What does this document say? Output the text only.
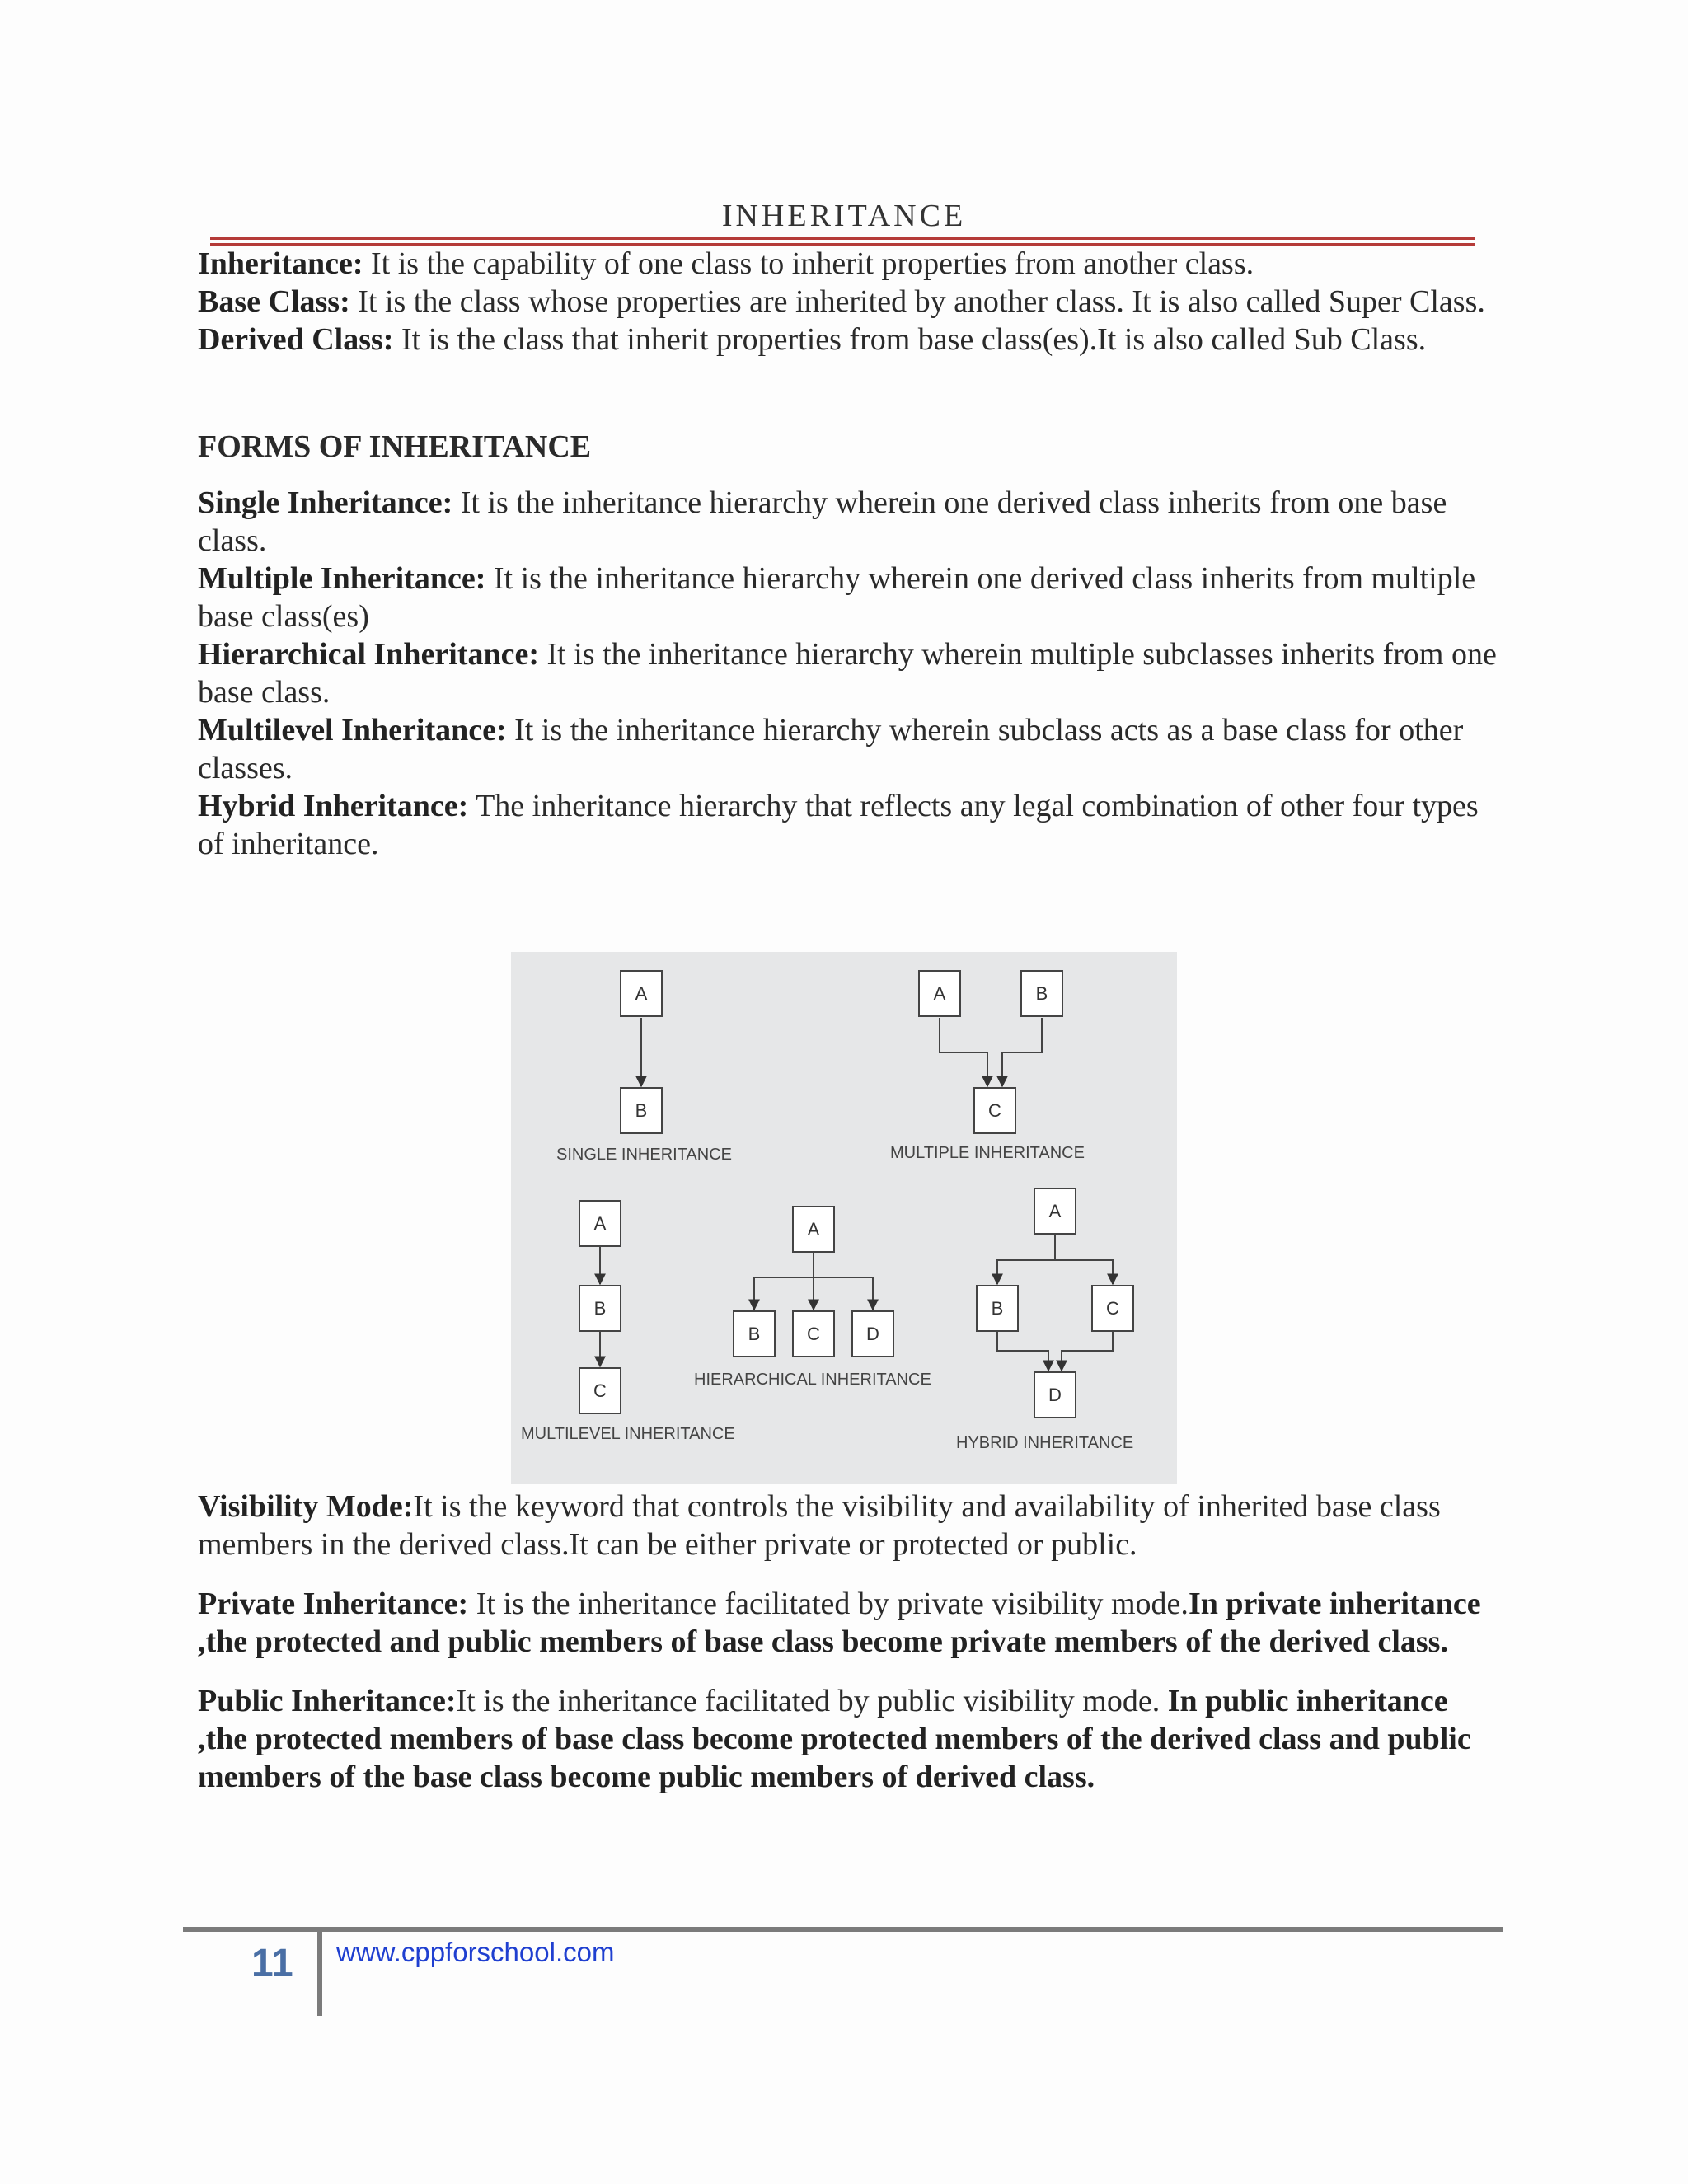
INHERITANCE

Inheritance: It is the capability of one class to inherit properties from another class.

Base Class: It is the class whose properties are inherited by another class. It is also called Super Class.

Derived Class: It is the class that inherit properties from base class(es).It is also called Sub Class.

FORMS OF INHERITANCE

Single Inheritance: It is the inheritance hierarchy wherein one derived class inherits from one base class.

Multiple Inheritance: It is the inheritance hierarchy wherein one derived class inherits from multiple base class(es)

Hierarchical Inheritance: It is the inheritance hierarchy wherein multiple subclasses inherits from one base class.

Multilevel Inheritance: It is the inheritance hierarchy wherein subclass acts as a base class for other classes.

Hybrid Inheritance: The inheritance hierarchy that reflects any legal combination of other four types of inheritance.

A
B
A	B
C
A
B
C
A
B	C	D
A
B	C
D
SINGLE INHERITANCE	MULTIPLE INHERITANCE
HIERARCHICAL INHERITANCE
MULTILEVEL INHERITANCE	HYBRID INHERITANCE

Visibility Mode:It is the keyword that controls the visibility and availability of inherited base class members in the derived class.It can be either private or protected or public.

Private Inheritance: It is the inheritance facilitated by private visibility mode.In private inheritance ,the protected and public members of base class become private members of the derived class.

Public Inheritance:It is the inheritance facilitated by public visibility mode. In public inheritance ,the protected members of base class become protected members of the derived class and public members of the base class become public members of derived class.

11 www.cppforschool.com
